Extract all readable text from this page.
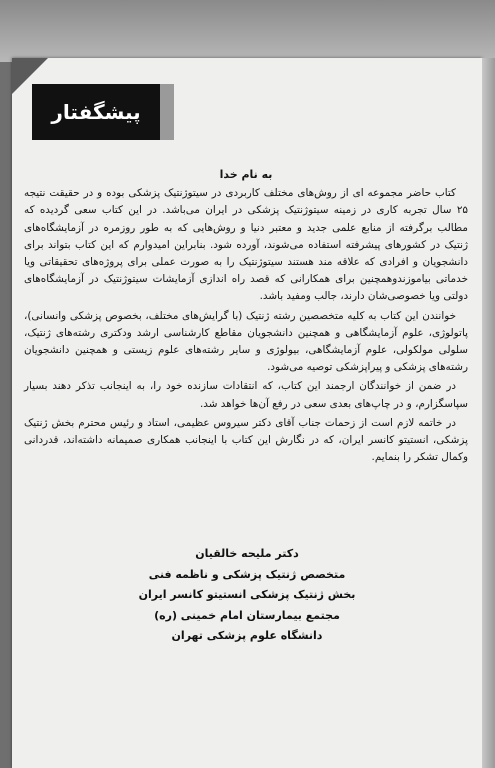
پیشگفتار
به نام خدا

کتاب حاضر مجموعه ای از روش‌های مختلف کاربردی در سیتوژنتیک پزشکی بوده و در حقیقت نتیجه ۲۵ سال تجربه کاری در زمینه سیتوژنتیک پزشکی در ایران می‌باشد. در این کتاب سعی گردیده که مطالب برگرفته از منابع علمی جدید و معتبر دنیا و روش‌هایی که به طور روزمره در آزمایشگاه‌های ژنتیک در کشورهای پیشرفته استفاده می‌شوند، آورده شود. بنابراین امیدوارم که این کتاب بتواند برای دانشجویان و افرادی که علاقه مند هستند سیتوژنتیک را به صورت عملی برای پروژه‌های تحقیقاتی ویا خدماتی بیاموزندوهمچنین برای همکارانی که قصد راه اندازی آزمایشات سیتوژنتیک در آزمایشگاه‌های دولتی ویا خصوصی‌شان دارند، جالب ومفید باشد.

خوانندن این کتاب به کلیه متخصصین رشته ژنتیک (با گرایش‌های مختلف، بخصوص پزشکی وانسانی)، پاتولوژی، علوم آزمایشگاهی و همچنین دانشجویان مقاطع کارشناسی ارشد ودکتری رشته‌های ژنتیک، سلولی مولکولی، علوم آزمایشگاهی، بیولوژی و سایر رشته‌های علوم زیستی و همچنین دانشجویان رشته‌های پزشکی و پیراپزشکی توصیه می‌شود.

در ضمن از خوانندگان ارجمند این کتاب، که انتقادات سازنده خود را، به اینجانب تذکر دهند بسیار سپاسگزارم، و در چاپ‌های بعدی سعی در رفع آن‌ها خواهد شد.

در خاتمه لازم است از زحمات جناب آقای دکتر سیروس عظیمی، استاد و رئیس محترم بخش ژنتیک پزشکی، انستیتو کانسر ایران، که در نگارش این کتاب با اینجانب همکاری صمیمانه داشته‌اند، قدردانی وکمال تشکر را بنمایم.

دکتر ملیحه خالقیان
متخصص ژنتیک پزشکی و ناظمه فنی
بخش ژنتیک پزشکی انستیتو کانسر ایران
مجتمع بیمارستان امام خمینی (ره)
دانشگاه علوم پزشکی تهران
